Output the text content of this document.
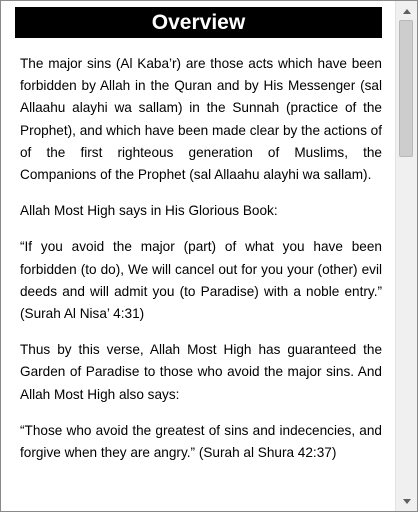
Overview

The major sins (Al Kaba’r) are those acts which have been forbidden by Allah in the Quran and by His Messenger (sal Allaahu alayhi wa sallam) in the Sunnah (practice of the Prophet), and which have been made clear by the actions of of the first righteous generation of Muslims, the Companions of the Prophet (sal Allaahu alayhi wa sallam).

Allah Most High says in His Glorious Book:

“If you avoid the major (part) of what you have been forbidden (to do), We will cancel out for you your (other) evil deeds and will admit you (to Paradise) with a noble entry.” (Surah Al Nisa’ 4:31)

Thus by this verse, Allah Most High has guaranteed the Garden of Paradise to those who avoid the major sins. And Allah Most High also says:

“Those who avoid the greatest of sins and indecencies, and forgive when they are angry.” (Surah al Shura 42:37)
